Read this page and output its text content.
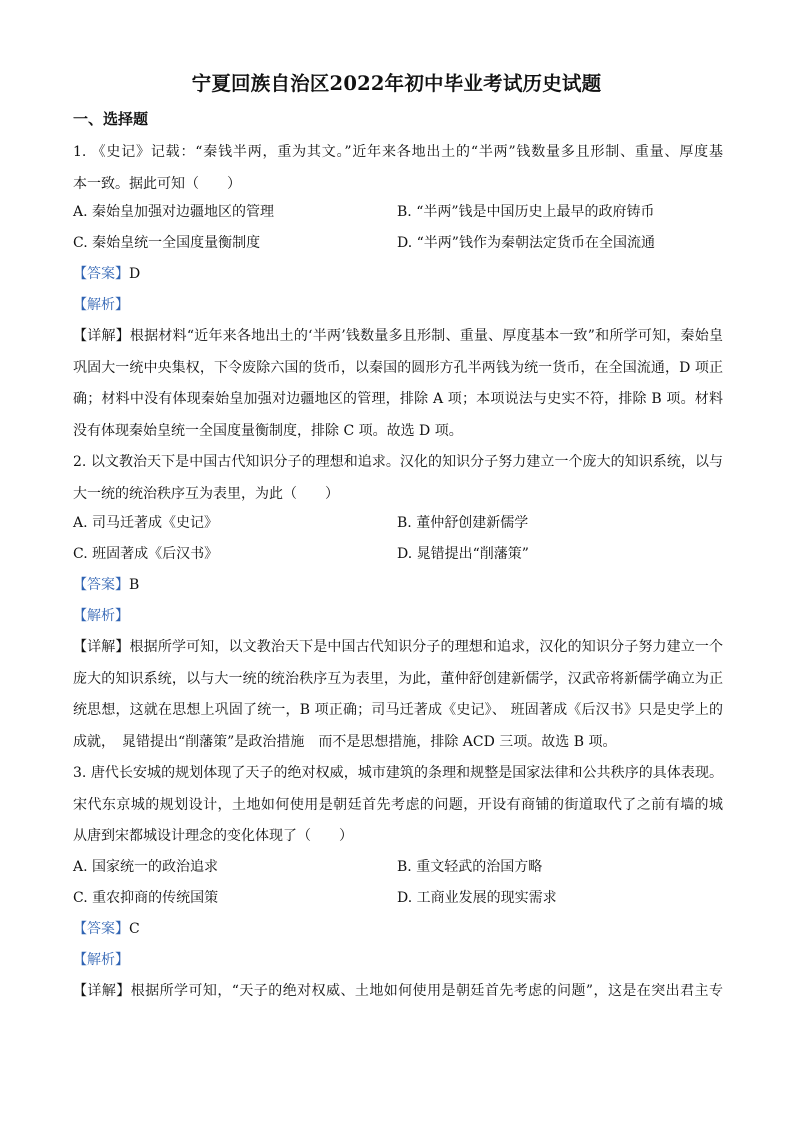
宁夏回族自治区2022年初中毕业考试历史试题
一、选择题
1. 《史记》记载：“秦钱半两，重为其文。”近年来各地出土的“半两”钱数量多且形制、重量、厚度基
本一致。据此可知（　　）
A. 秦始皇加强对边疆地区的管理	B. “半两”钱是中国历史上最早的政府铸币
C. 秦始皇统一全国度量衡制度	D. “半两”钱作为秦朝法定货币在全国流通
【答案】D
【解析】
【详解】根据材料“近年来各地出土的‘半两’钱数量多且形制、重量、厚度基本一致”和所学可知，秦始皇
巩固大一统中央集权，下令废除六国的货币，以秦国的圆形方孔半两钱为统一货币，在全国流通，D 项正
确；材料中没有体现秦始皇加强对边疆地区的管理，排除 A 项；本项说法与史实不符，排除 B 项。材料
没有体现秦始皇统一全国度量衡制度，排除 C 项。故选 D 项。
2. 以文教治天下是中国古代知识分子的理想和追求。汉化的知识分子努力建立一个庞大的知识系统，以与
大一统的统治秩序互为表里，为此（　　）
A. 司马迁著成《史记》	B. 董仲舒创建新儒学
C. 班固著成《后汉书》	D. 晁错提出“削藩策”
【答案】B
【解析】
【详解】根据所学可知，以文教治天下是中国古代知识分子的理想和追求，汉化的知识分子努力建立一个
庞大的知识系统，以与大一统的统治秩序互为表里，为此，董仲舒创建新儒学，汉武帝将新儒学确立为正
统思想，这就在思想上巩固了统一，B 项正确；司马迁著成《史记》、 班固著成《后汉书》只是史学上的
成就，　晁错提出“削藩策”是政治措施　而不是思想措施，排除 ACD 三项。故选 B 项。
3. 唐代长安城的规划体现了天子的绝对权威，城市建筑的条理和规整是国家法律和公共秩序的具体表现。
宋代东京城的规划设计，土地如何使用是朝廷首先考虑的问题，开设有商铺的街道取代了之前有墙的城
从唐到宋都城设计理念的变化体现了（　　）
A. 国家统一的政治追求	B. 重文轻武的治国方略
C. 重农抑商的传统国策	D. 工商业发展的现实需求
【答案】C
【解析】
【详解】根据所学可知，“天子的绝对权威、土地如何使用是朝廷首先考虑的问题”，这是在突出君主专
